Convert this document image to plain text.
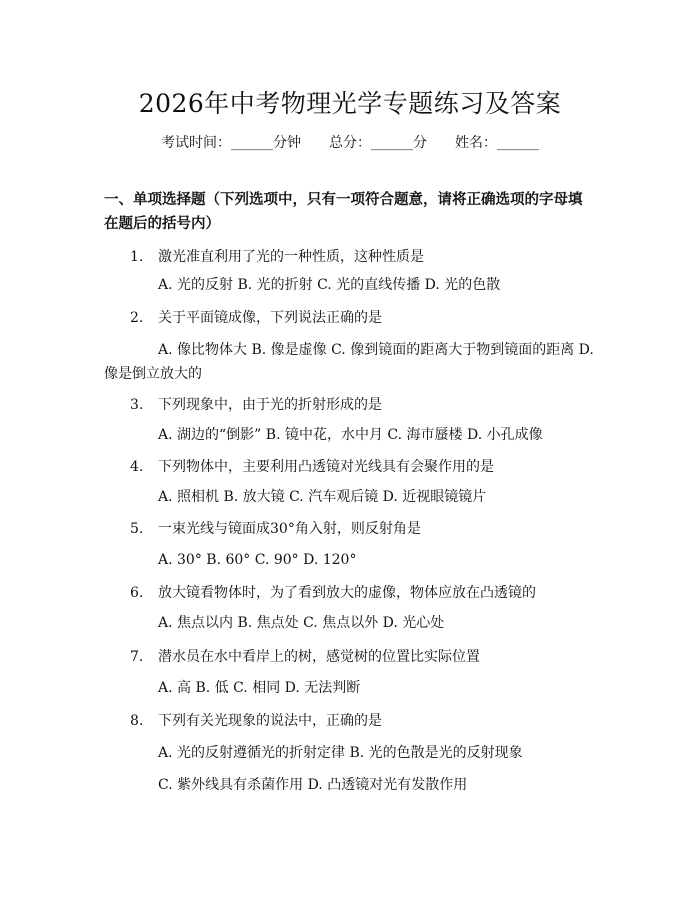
2026年中考物理光学专题练习及答案
考试时间：______分钟 总分：______分 姓名：______
一、单项选择题（下列选项中，只有一项符合题意，请将正确选项的字母填在题后的括号内）
1. 激光准直利用了光的一种性质，这种性质是
A. 光的反射 B. 光的折射 C. 光的直线传播 D. 光的色散
2. 关于平面镜成像，下列说法正确的是
A. 像比物体大 B. 像是虚像 C. 像到镜面的距离大于物到镜面的距离 D. 像是倒立放大的
3. 下列现象中，由于光的折射形成的是
A. 湖边的“倒影” B. 镜中花，水中月 C. 海市蜃楼 D. 小孔成像
4. 下列物体中，主要利用凸透镜对光线具有会聚作用的是
A. 照相机 B. 放大镜 C. 汽车观后镜 D. 近视眼镜镜片
5. 一束光线与镜面成30°角入射，则反射角是
A. 30° B. 60° C. 90° D. 120°
6. 放大镜看物体时，为了看到放大的虚像，物体应放在凸透镜的
A. 焦点以内 B. 焦点处 C. 焦点以外 D. 光心处
7. 潜水员在水中看岸上的树，感觉树的位置比实际位置
A. 高 B. 低 C. 相同 D. 无法判断
8. 下列有关光现象的说法中，正确的是
A. 光的反射遵循光的折射定律 B. 光的色散是光的反射现象
C. 紫外线具有杀菌作用 D. 凸透镜对光有发散作用
